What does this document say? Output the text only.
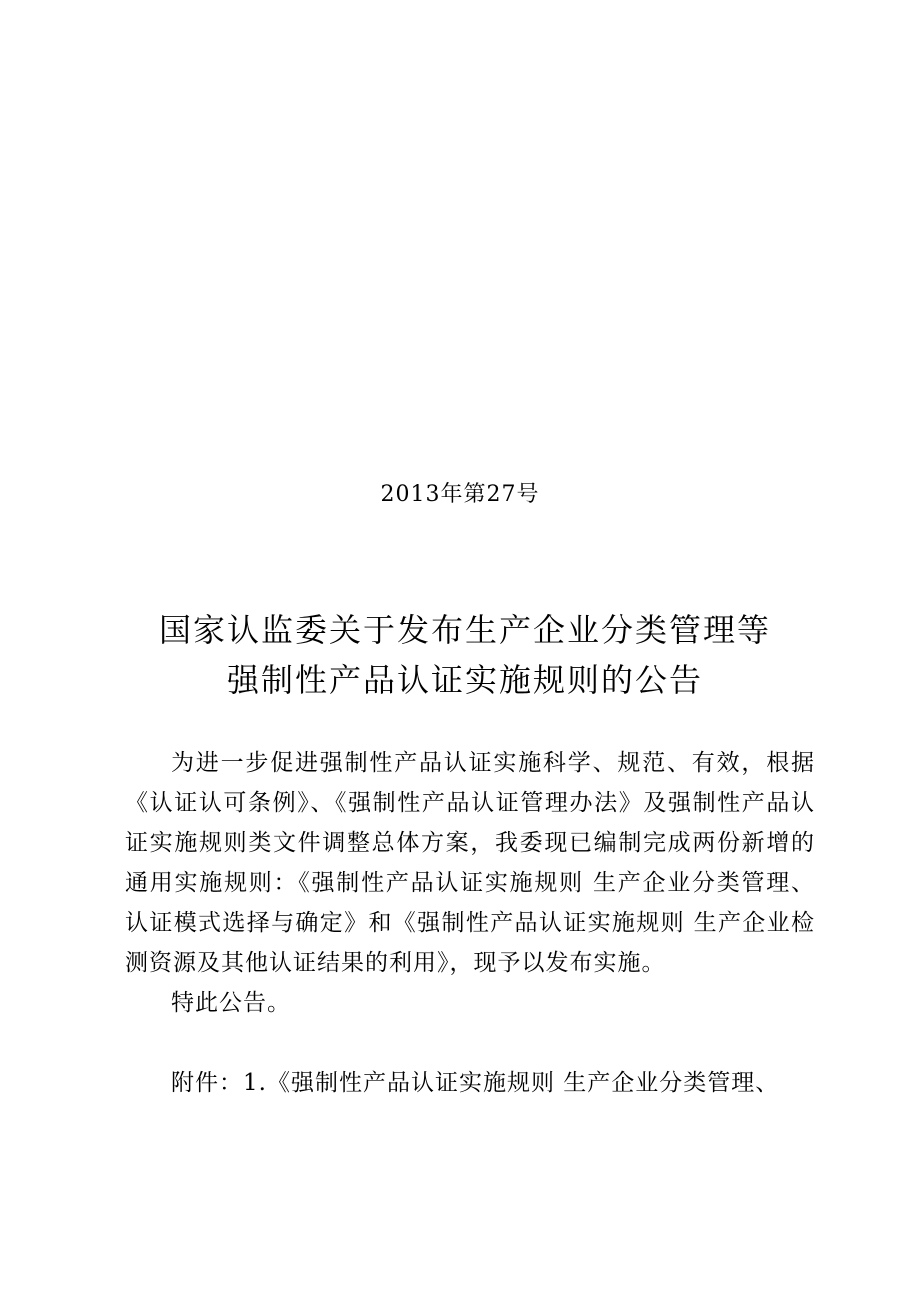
2013年第27号
国家认监委关于发布生产企业分类管理等
强制性产品认证实施规则的公告

为进一步促进强制性产品认证实施科学、规范、有效，根据《认证认可条例》、《强制性产品认证管理办法》及强制性产品认证实施规则类文件调整总体方案，我委现已编制完成两份新增的通用实施规则：《强制性产品认证实施规则 生产企业分类管理、认证模式选择与确定》和《强制性产品认证实施规则 生产企业检测资源及其他认证结果的利用》，现予以发布实施。

特此公告。

附件：1.《强制性产品认证实施规则 生产企业分类管理、
